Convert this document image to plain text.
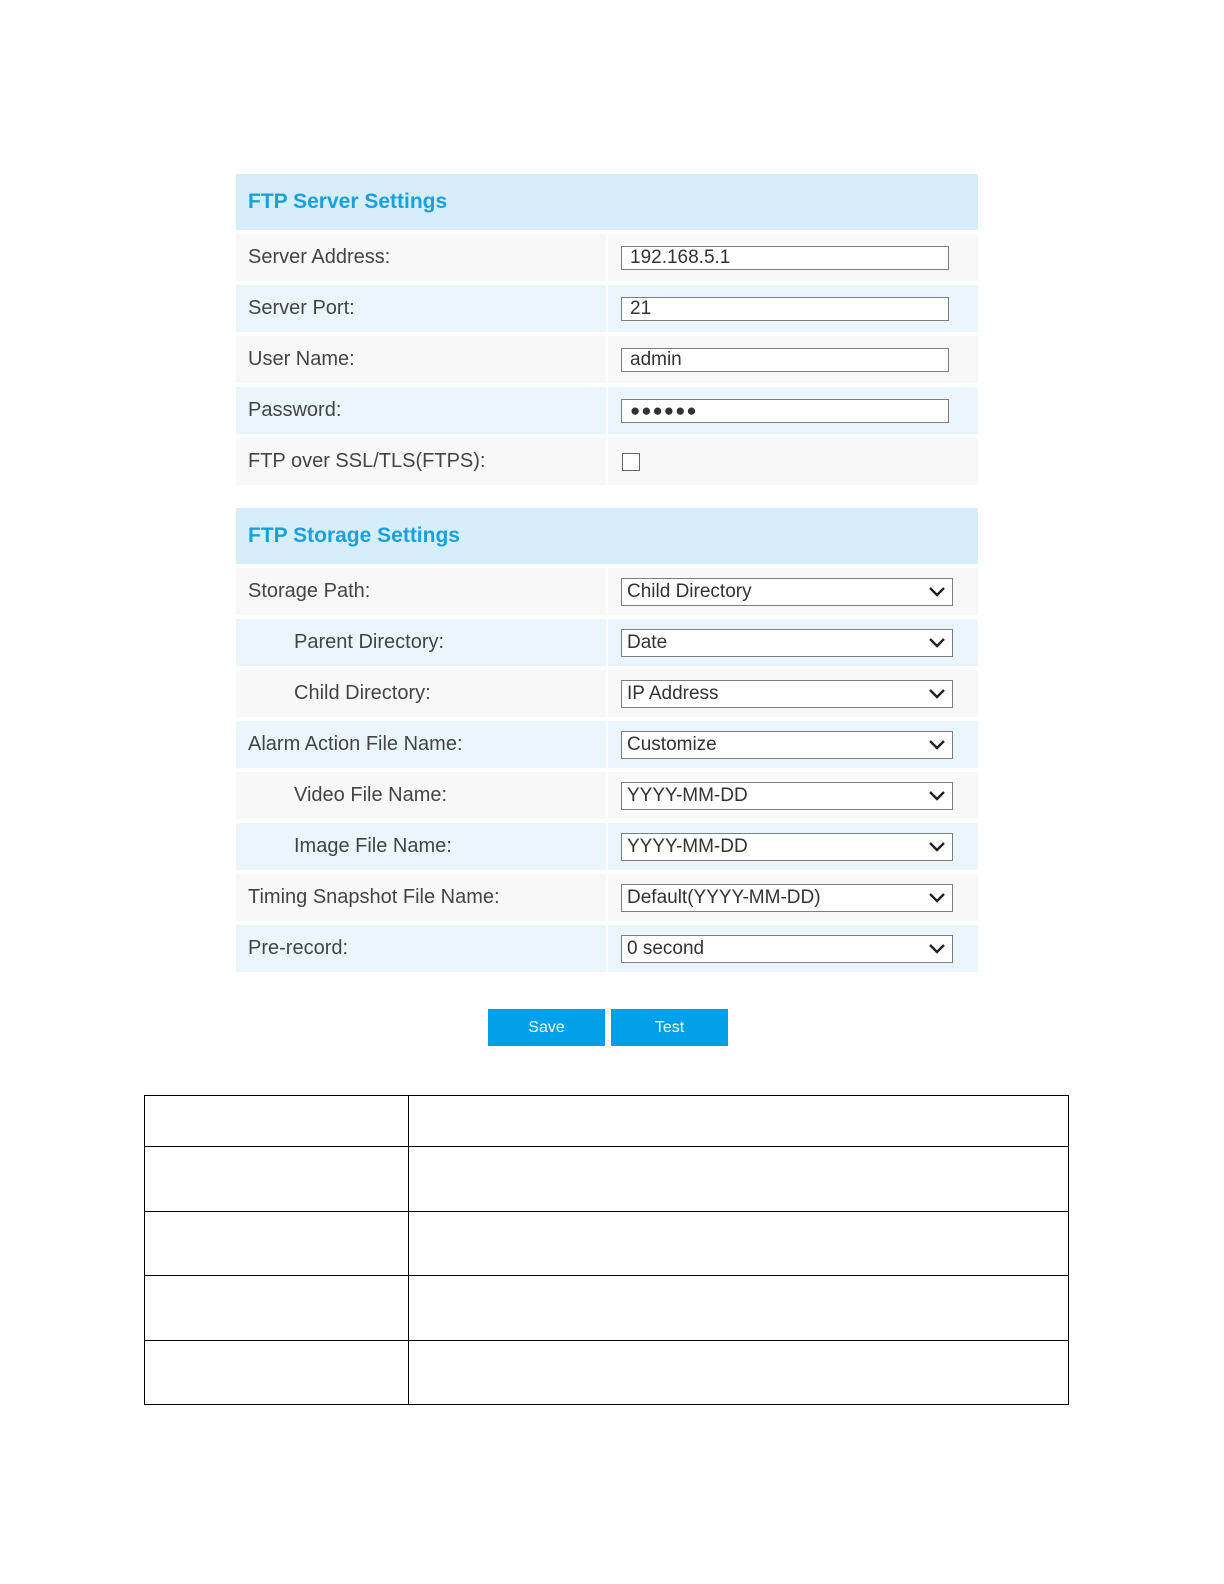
FTP Server Settings
Server Address:	192.168.5.1
Server Port:	21
User Name:	admin
Password:	●●●●●●
FTP over SSL/TLS(FTPS):
FTP Storage Settings
Storage Path:	Child Directory
Parent Directory:	Date
Child Directory:	IP Address
Alarm Action File Name:	Customize
Video File Name:	YYYY-MM-DD
Image File Name:	YYYY-MM-DD
Timing Snapshot File Name:	Default(YYYY-MM-DD)
Pre-record:	0 second
Save	Test
